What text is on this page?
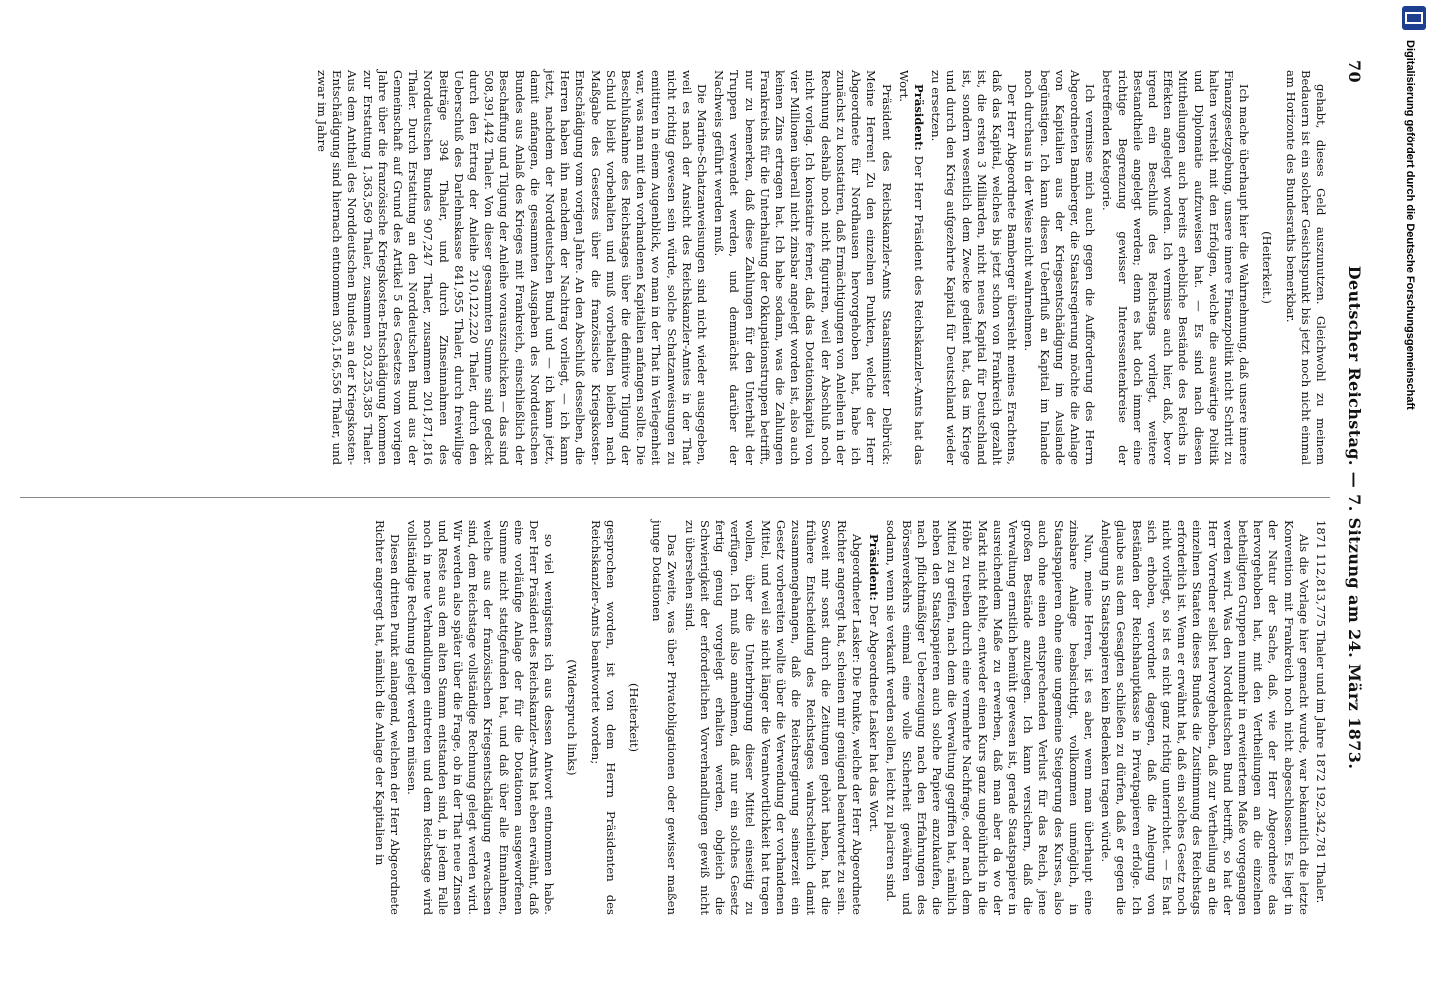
70
Deutscher Reichstag. — 7. Sitzung am 24. März 1873.

gehabt, dieses Geld auszunutzen. Gleichwohl zu meinem Bedauern ist ein solcher Gesichtspunkt bis jetzt noch nicht einmal am Horizonte des Bundesraths bemerkbar.

(Heiterkeit.)

Ich mache überhaupt hier die Wahrnehmung, daß unsere innere Finanzgesetzgebung, unsere innere Finanzpolitik nicht Schritt zu halten versteht mit den Erfolgen, welche die auswärtige Politik und Diplomatie aufzuweisen hat. — Es sind nach diesen Mittheilungen auch bereits erhebliche Bestände des Reichs in Effekten angelegt worden. Ich vermisse auch hier, daß, bevor irgend ein Beschluß des Reichstags vorliegt, weitere Bestandtheile angelegt werden; denn es hat doch immer eine richtige Begrenzung gewisser Interessentenkreise der betreffenden Kategorie.

Ich vermisse mich auch gegen die Aufforderung des Herrn Abgeordneten Bamberger, die Staatsregierung möchte die Anlage von Kapitalien aus der Kriegsentschädigung im Auslande begünstigen. Ich kann diesen Ueberfluß an Kapital im Inlande noch durchaus in der Weise nicht wahrnehmen.

Der Herr Abgeordnete Bamberger übersieht meines Erachtens, daß das Kapital, welches bis jetzt schon von Frankreich gezahlt ist, die ersten 3 Milliarden, nicht neues Kapital für Deutschland ist, sondern wesentlich dem Zwecke gedient hat, das im Kriege und durch den Krieg aufgezehrte Kapital für Deutschland wieder zu ersetzen.

Präsident: Der Herr Präsident des Reichskanzler-Amts hat das Wort.

Präsident des Reichskanzler-Amts Staatsminister Delbrück: Meine Herren! Zu den einzelnen Punkten, welche der Herr Abgeordnete für Nordhausen hervorgehoben hat, habe ich zunächst zu konstatiren, daß Ermächtigungen von Anleihen in der Rechnung deshalb noch nicht figuriren, weil der Abschluß noch nicht vorlag. Ich konstatire ferner, daß das Dotationskapital von vier Millionen überall nicht zinsbar angelegt worden ist, also auch keinen Zins ertragen hat. Ich habe sodann, was die Zahlungen Frankreichs für die Unterhaltung der Okkupationstruppen betrifft, nur zu bemerken, daß diese Zahlungen für den Unterhalt der Truppen verwendet werden, und demnächst darüber der Nachweis geführt werden muß.

Die Marine-Schatzanweisungen sind nicht wieder ausgegeben, weil es nach der Ansicht des Reichskanzler-Amtes in der That nicht richtig gewesen sein würde, solche Schatzanweisungen zu emittiren in einem Augenblick, wo man in der That in Verlegenheit war, was man mit den vorhandenen Kapitalien anfangen sollte. Die Beschlußnahme des Reichstages über die definitive Tilgung der Schuld bleibt vorbehalten und muß vorbehalten bleiben nach Maßgabe des Gesetzes über die französische Kriegskosten-Entschädigung vom vorigen Jahre. An den Abschluß desselben, die Herren haben ihn nachdem der Nachtrag vorliegt, — ich kann jetzt, nachdem der Norddeutschen Bund und — ich kann jetzt, damit anfangen, die gesammten Ausgaben des Norddeutschen Bundes aus Anlaß des Krieges mit Frankreich, einschließlich der Beschaffung und Tilgung der Anleihe vorauszuschicken — das sind 508,391,442 Thaler. Von dieser gesammten Summe sind gedeckt durch den Ertrag der Anleihe 210,122,220 Thaler, durch den Ueberschuß des Darlehnskasse 841,955 Thaler, durch freiwillige Beiträge 394 Thaler, und durch Zinseinnahmen des Norddeutschen Bundes 907,247 Thaler, zusammen 201,871,816 Thaler. Durch Erstattung an den Norddeutschen Bund aus der Gemeinschaft auf Grund des Artikel 5 des Gesetzes vom vorigen Jahre über die französische Kriegskosten-Entschädigung kommen zur Erstattung 1,363,569 Thaler, zusammen 203,235,385 Thaler. Aus dem Antheil des Norddeutschen Bundes an der Kriegskosten-Entschädigung sind hiernach entnommen 305,156,556 Thaler, und zwar im Jahre

1871 112,813,775 Thaler und im Jahre 1872 192,342,781 Thaler.

Als die Vorlage hier gemacht wurde, war bekanntlich die letzte Konvention mit Frankreich noch nicht abgeschlossen. Es liegt in der Natur der Sache, daß, wie der Herr Abgeordnete das hervorgehoben hat, mit den Vertheilungen an die einzelnen betheiligten Gruppen nunmehr in erweitertem Maße vorgegangen werden wird. Was den Norddeutschen Bund betrifft, so hat der Herr Vorredner selbst hervorgehoben, daß zur Vertheilung an die einzelnen Staaten dieses Bundes die Zustimmung des Reichstags erforderlich ist. Wenn er erwähnt hat, daß ein solches Gesetz noch nicht vorliegt, so ist es nicht ganz richtig unterrichtet. — Es hat sich erhoben, verordnet dagegen, daß die Anlegung von Beständen der Reichshauptkasse in Privatpapieren erfolge. Ich glaube aus dem Gesagten schließen zu dürfen, daß er gegen die Anlegung in Staatspapieren kein Bedenken tragen würde.

Nun, meine Herren, ist es aber, wenn man überhaupt eine zinsbare Anlage beabsichtigt, vollkommen unmöglich, in Staatspapieren ohne eine ungemeine Steigerung des Kurses, also auch ohne einen entsprechenden Verlust für das Reich, jene großen Bestände anzulegen. Ich kann versichern, daß die Verwaltung ernstlich bemüht gewesen ist, gerade Staatspapiere in ausreichendem Maße zu erwerben, daß man aber da wo der Markt nicht fehlte, entweder einen Kurs ganz ungebührlich in die Höhe zu treiben durch eine vermehrte Nachfrage, oder nach dem Mittel zu greifen, nach dem die Verwaltung gegriffen hat, nämlich neben den Staatspapieren auch solche Papiere anzukaufen, die nach pflichtmäßiger Ueberzeugung nach den Erfahrungen des Börsenverkehrs einmal eine volle Sicherheit gewähren und sodann, wenn sie verkauft werden sollen, leicht zu placiren sind.

Präsident: Der Abgeordnete Lasker hat das Wort.

Abgeordneter Lasker: Die Punkte, welche der Herr Abgeordnete Richter angeregt hat, scheinen mir genügend beantwortet zu sein. Soweit mir sonst durch die Zeitungen gehört haben, hat die frühere Entscheidung des Reichstages wahrscheinlich damit zusammengehangen, daß die Reichsregierung seinerzeit ein Gesetz vorbereiten wollte über die Verwendung der vorhandenen Mittel, und weil sie nicht länger die Verantwortlichkeit hat tragen wollen, über die Unterbringung dieser Mittel einseitig zu verfügen. Ich muß also annehmen, daß nur ein solches Gesetz fertig genug vorgelegt erhalten werden, obgleich die Schwierigkeit der erforderlichen Vorverhandlungen gewiß nicht zu übersehen sind.

Das Zweite, was über Privatobligationen oder gewisser maßen junge Dotationen

(Heiterkeit)

gesprochen worden, ist von dem Herrn Präsidenten des Reichskanzler-Amts beantwortet worden;

(Widerspruch links)

so viel wenigstens ich aus dessen Antwort entnommen habe. Der Herr Präsident des Reichskanzler-Amts hat eben erwähnt, daß eine vorläufige Anlage der für die Dotationen ausgeworfenen Summe nicht stattgefunden hat, und daß über alle Einnahmen, welche aus der französischen Kriegsentschädigung erwachsen sind, dem Reichstage vollständige Rechnung gelegt werden wird. Wir werden also später über die Frage, ob in der That neue Zinsen und Reste aus dem alten Stamm entstanden sind, in jedem Falle noch in neue Verhandlungen eintreten und dem Reichstage wird vollständige Rechnung gelegt werden müssen.

Diesen dritten Punkt anlangend, welchen der Herr Abgeordnete Richter angeregt hat, nämlich die Anlage der Kapitalien in

Digitalisierung gefördert durch die Deutsche Forschungsgemeinschaft
